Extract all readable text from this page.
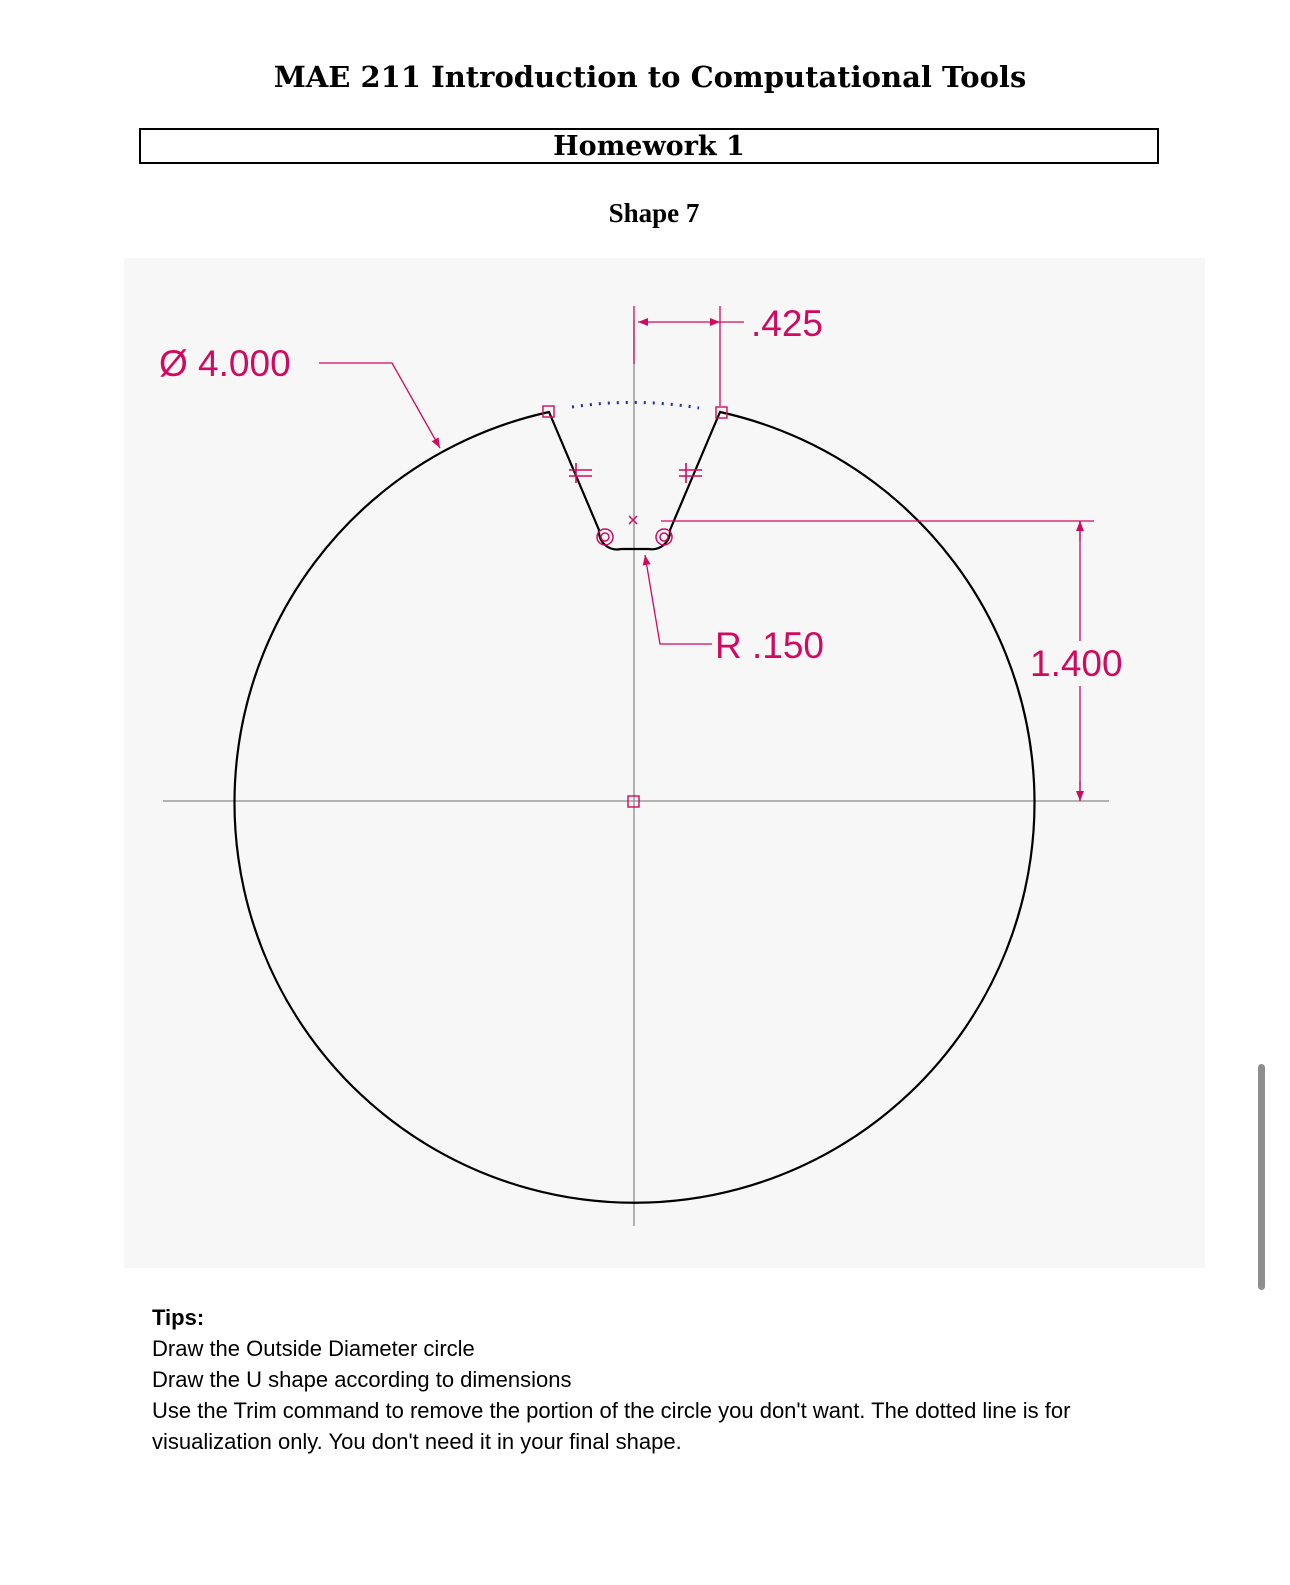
MAE 211 Introduction to Computational Tools
Homework 1
Shape 7
.425
Ø 4.000
R .150	1.400
Tips:
Draw the Outside Diameter circle
Draw the U shape according to dimensions
Use the Trim command to remove the portion of the circle you don't want. The dotted line is for visualization only. You don't need it in your final shape.
